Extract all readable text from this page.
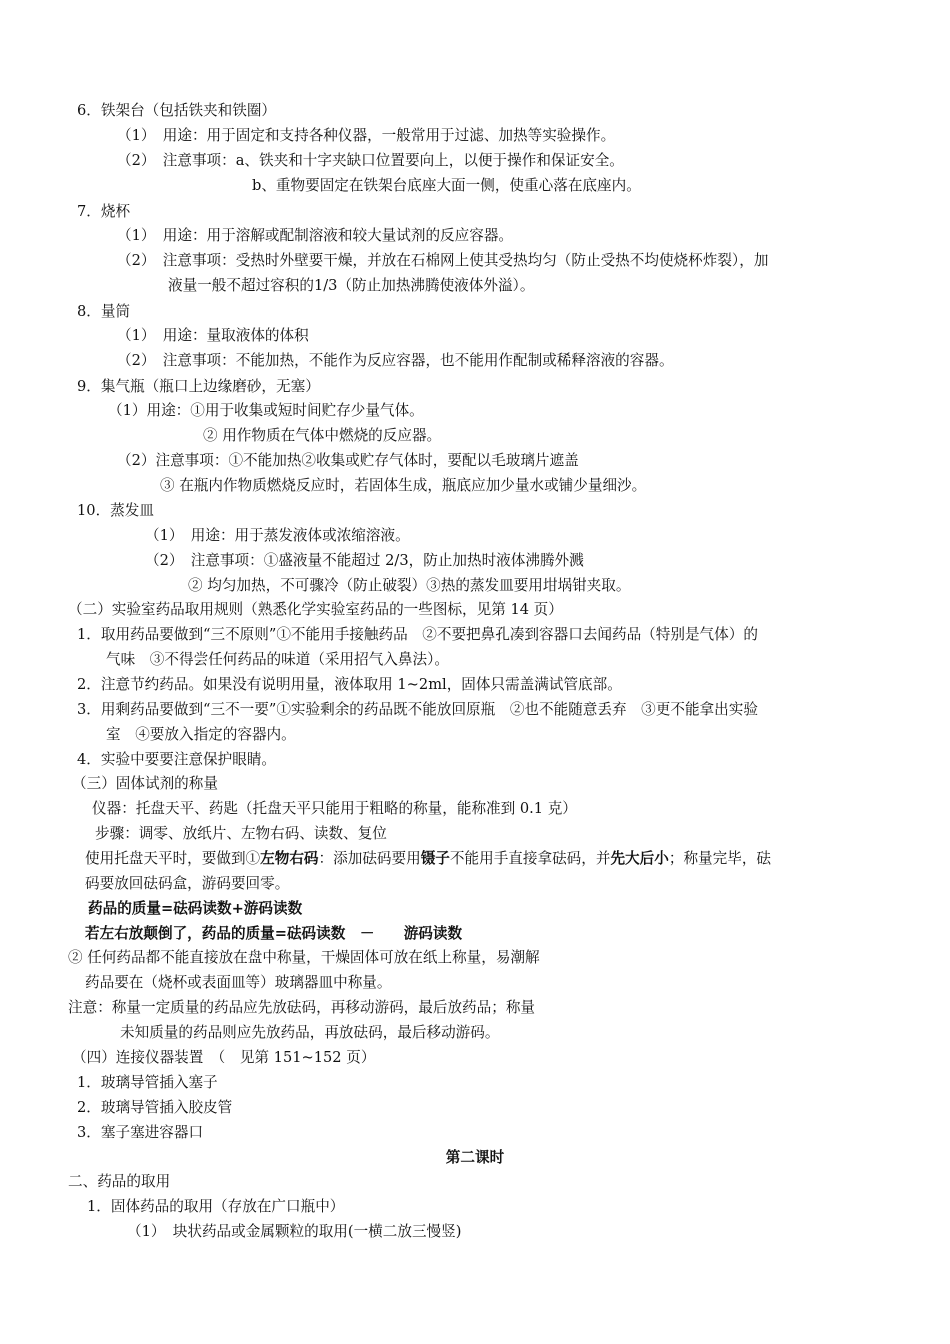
6．铁架台（包括铁夹和铁圈）
（1）　用途：用于固定和支持各种仪器，一般常用于过滤、加热等实验操作。
（2）　注意事项：a、铁夹和十字夹缺口位置要向上，以便于操作和保证安全。
b、重物要固定在铁架台底座大面一侧，使重心落在底座内。
7．烧杯
（1）　用途：用于溶解或配制溶液和较大量试剂的反应容器。
（2）　注意事项：受热时外壁要干燥，并放在石棉网上使其受热均匀（防止受热不均使烧杯炸裂），加
液量一般不超过容积的1/3（防止加热沸腾使液体外溢）。
8．量筒
（1）　用途：量取液体的体积
（2）　注意事项：不能加热，不能作为反应容器，也不能用作配制或稀释溶液的容器。
9．集气瓶（瓶口上边缘磨砂，无塞）
（1）用途：①用于收集或短时间贮存少量气体。
② 用作物质在气体中燃烧的反应器。
（2）注意事项：①不能加热②收集或贮存气体时，要配以毛玻璃片遮盖
③ 在瓶内作物质燃烧反应时，若固体生成，瓶底应加少量水或铺少量细沙。
10．蒸发皿
（1）　用途：用于蒸发液体或浓缩溶液。
（2）　注意事项：①盛液量不能超过 2/3，防止加热时液体沸腾外溅
② 均匀加热，不可骤冷（防止破裂）③热的蒸发皿要用坩埚钳夹取。
（二）实验室药品取用规则（熟悉化学实验室药品的一些图标，见第 14 页）
1．取用药品要做到“三不原则”①不能用手接触药品　②不要把鼻孔凑到容器口去闻药品（特别是气体）的
气味　③不得尝任何药品的味道（采用招气入鼻法）。
2．注意节约药品。如果没有说明用量，液体取用 1~2ml，固体只需盖满试管底部。
3．用剩药品要做到“三不一要”①实验剩余的药品既不能放回原瓶　②也不能随意丢弃　③更不能拿出实验
室　④要放入指定的容器内。
4．实验中要要注意保护眼睛。
（三）固体试剂的称量
仪器：托盘天平、药匙（托盘天平只能用于粗略的称量，能称准到 0.1 克）
步骤：调零、放纸片、左物右码、读数、复位
使用托盘天平时，要做到①左物右码：添加砝码要用镊子不能用手直接拿砝码，并先大后小；称量完毕，砝
码要放回砝码盒，游码要回零。
药品的质量=砝码读数+游码读数
若左右放颠倒了，药品的质量=砝码读数　－　　游码读数
② 任何药品都不能直接放在盘中称量，干燥固体可放在纸上称量，易潮解
药品要在（烧杯或表面皿等）玻璃器皿中称量。
注意：称量一定质量的药品应先放砝码，再移动游码，最后放药品；称量
未知质量的药品则应先放药品，再放砝码，最后移动游码。
（四）连接仪器装置　（　见第 151~152 页）
1．玻璃导管插入塞子
2．玻璃导管插入胶皮管
3．塞子塞进容器口
第二课时
二、药品的取用
1．固体药品的取用（存放在广口瓶中）
（1）　块状药品或金属颗粒的取用(一横二放三慢竖)
